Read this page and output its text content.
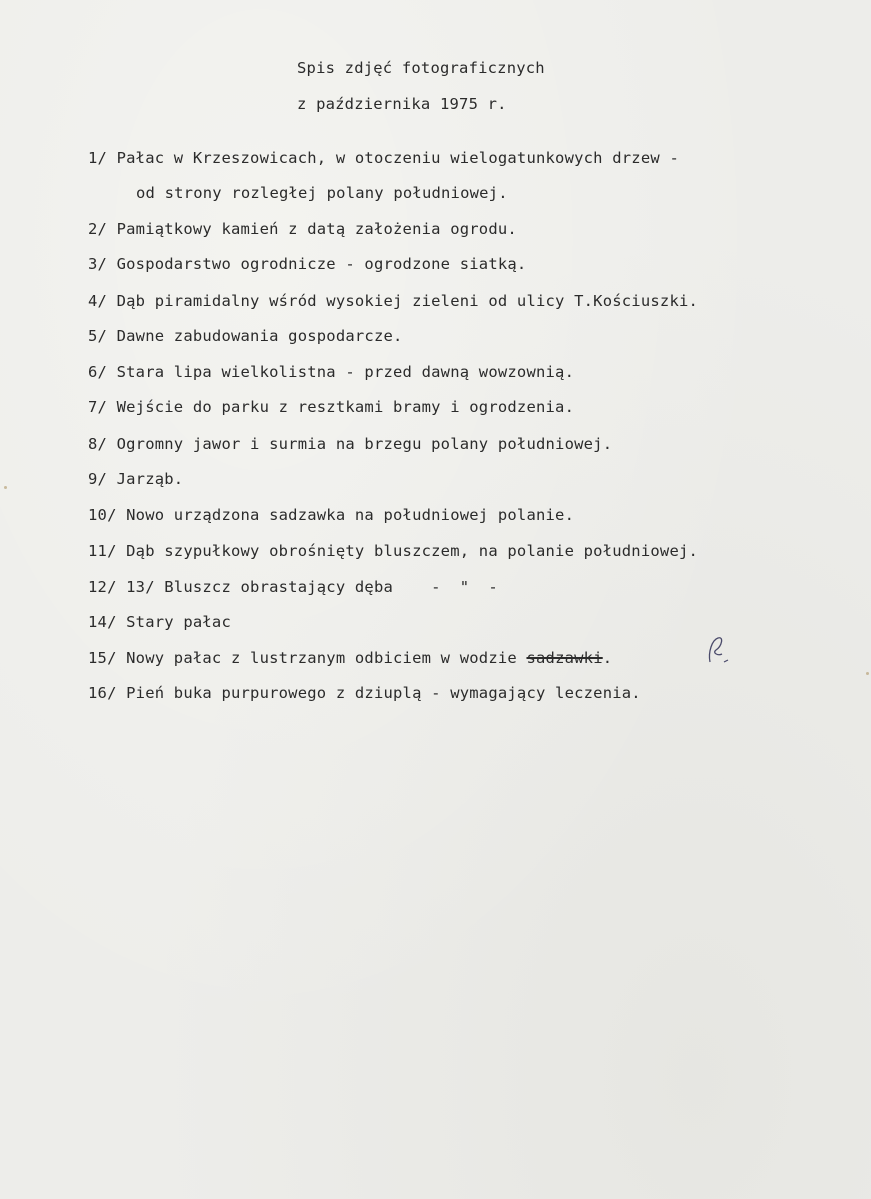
Spis zdjęć fotograficznych
z października 1975 r.
1/ Pałac w Krzeszowicach, w otoczeniu wielogatunkowych drzew -
od strony rozległej polany południowej.
2/ Pamiątkowy kamień z datą założenia ogrodu.
3/ Gospodarstwo ogrodnicze - ogrodzone siatką.
4/ Dąb piramidalny wśród wysokiej zieleni od ulicy T.Kościuszki.
5/ Dawne zabudowania gospodarcze.
6/ Stara lipa wielkolistna - przed dawną wowzownią.
7/ Wejście do parku z resztkami bramy i ogrodzenia.
8/ Ogromny jawor i surmia na brzegu polany południowej.
9/ Jarząb.
10/ Nowo urządzona sadzawka na południowej polanie.
11/ Dąb szypułkowy obrośnięty bluszczem, na polanie południowej.
12/ 13/ Bluszcz obrastający dęba    -  "  -
14/ Stary pałac
15/ Nowy pałac z lustrzanym odbiciem w wodzie sadzawki.
16/ Pień buka purpurowego z dziuplą - wymagający leczenia.
